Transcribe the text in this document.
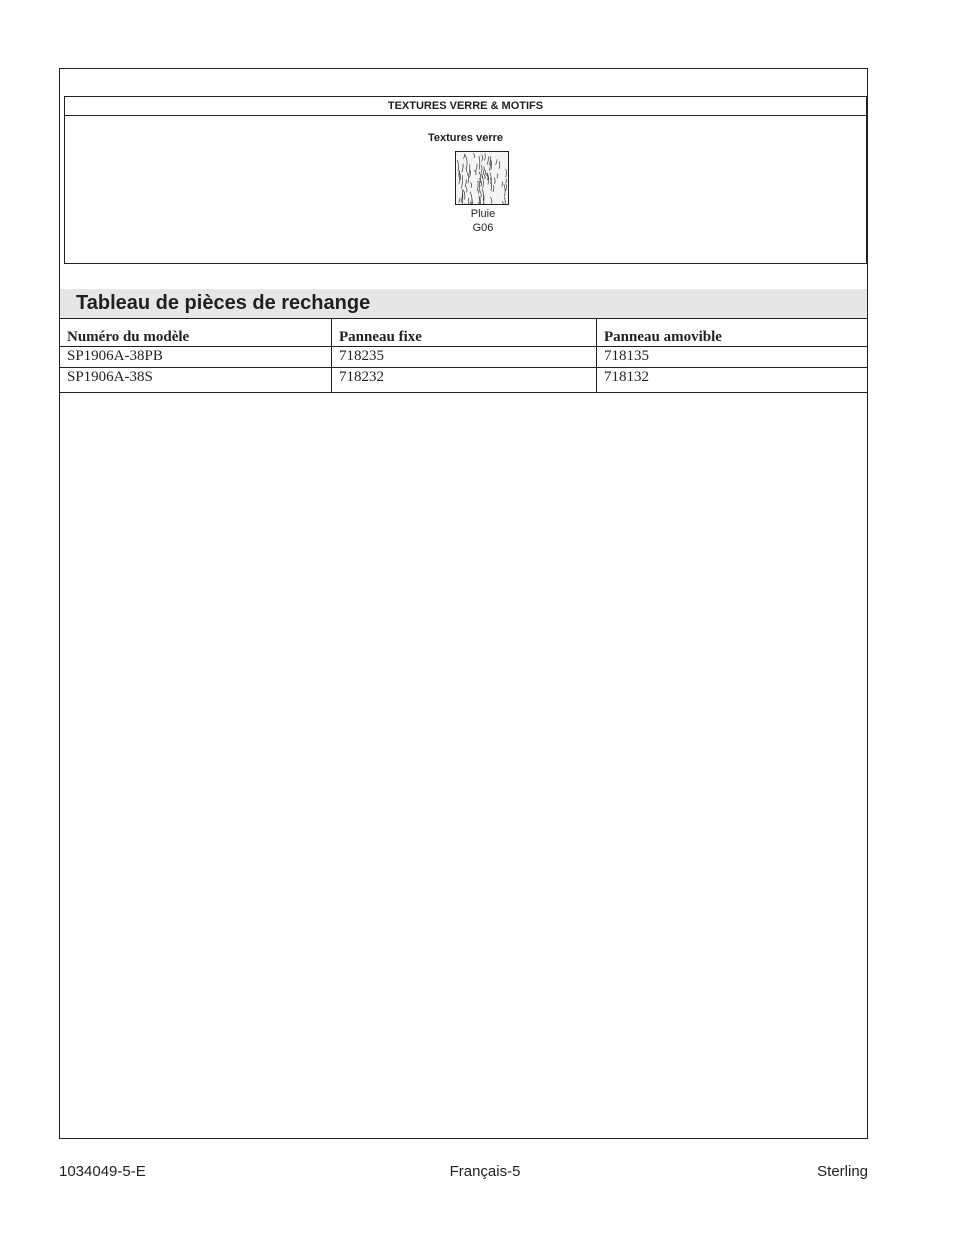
TEXTURES VERRE & MOTIFS
Textures verre
Pluie
G06
Tableau de pièces de rechange
Numéro du modèle	Panneau fixe	Panneau amovible
SP1906A-38PB	718235	718135
SP1906A-38S	718232	718132
1034049-5-E	Français-5	Sterling
